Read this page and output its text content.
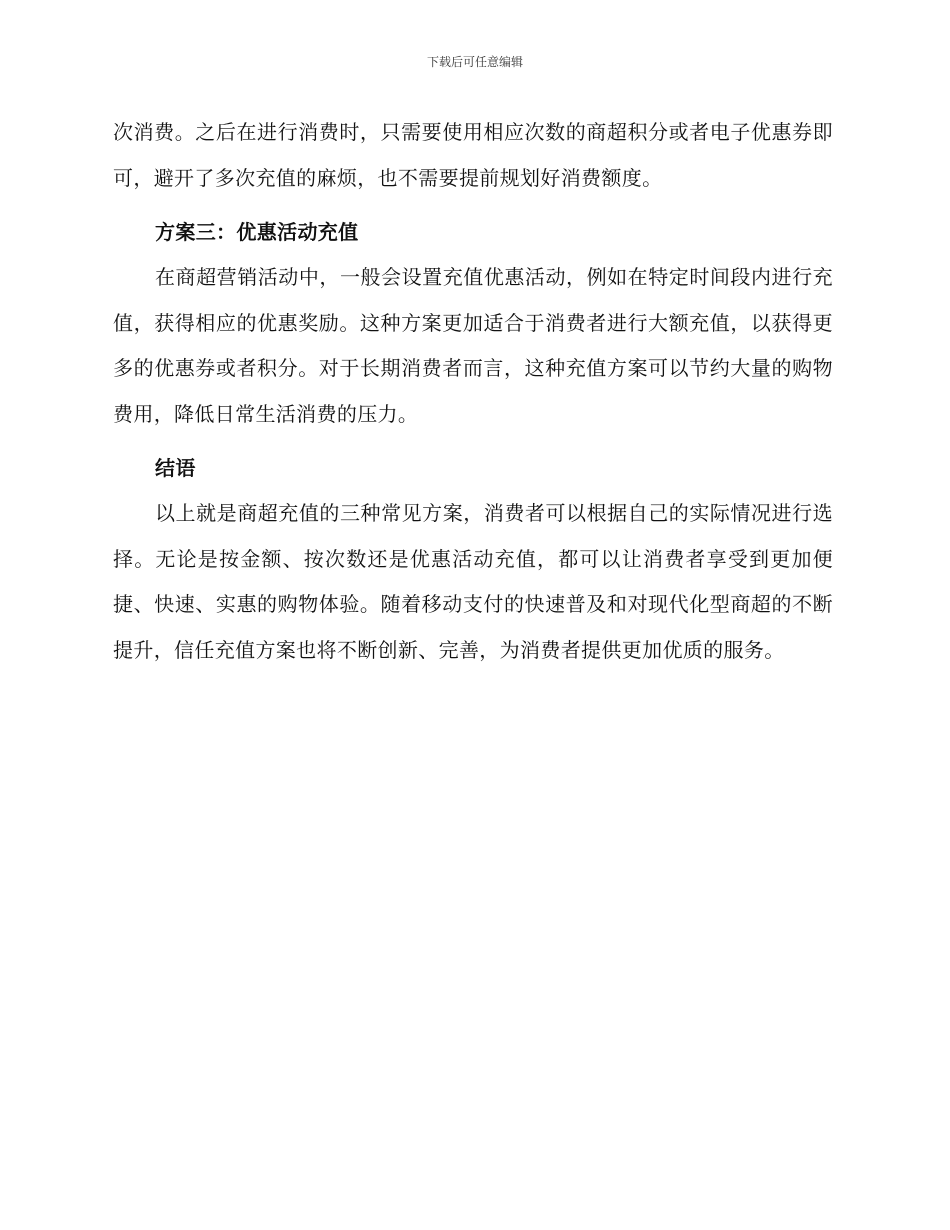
下载后可任意编辑

次消费。之后在进行消费时，只需要使用相应次数的商超积分或者电子优惠券即可，避开了多次充值的麻烦，也不需要提前规划好消费额度。

方案三：优惠活动充值

在商超营销活动中，一般会设置充值优惠活动，例如在特定时间段内进行充值，获得相应的优惠奖励。这种方案更加适合于消费者进行大额充值，以获得更多的优惠券或者积分。对于长期消费者而言，这种充值方案可以节约大量的购物费用，降低日常生活消费的压力。

结语

以上就是商超充值的三种常见方案，消费者可以根据自己的实际情况进行选择。无论是按金额、按次数还是优惠活动充值，都可以让消费者享受到更加便捷、快速、实惠的购物体验。随着移动支付的快速普及和对现代化型商超的不断提升，信任充值方案也将不断创新、完善，为消费者提供更加优质的服务。
